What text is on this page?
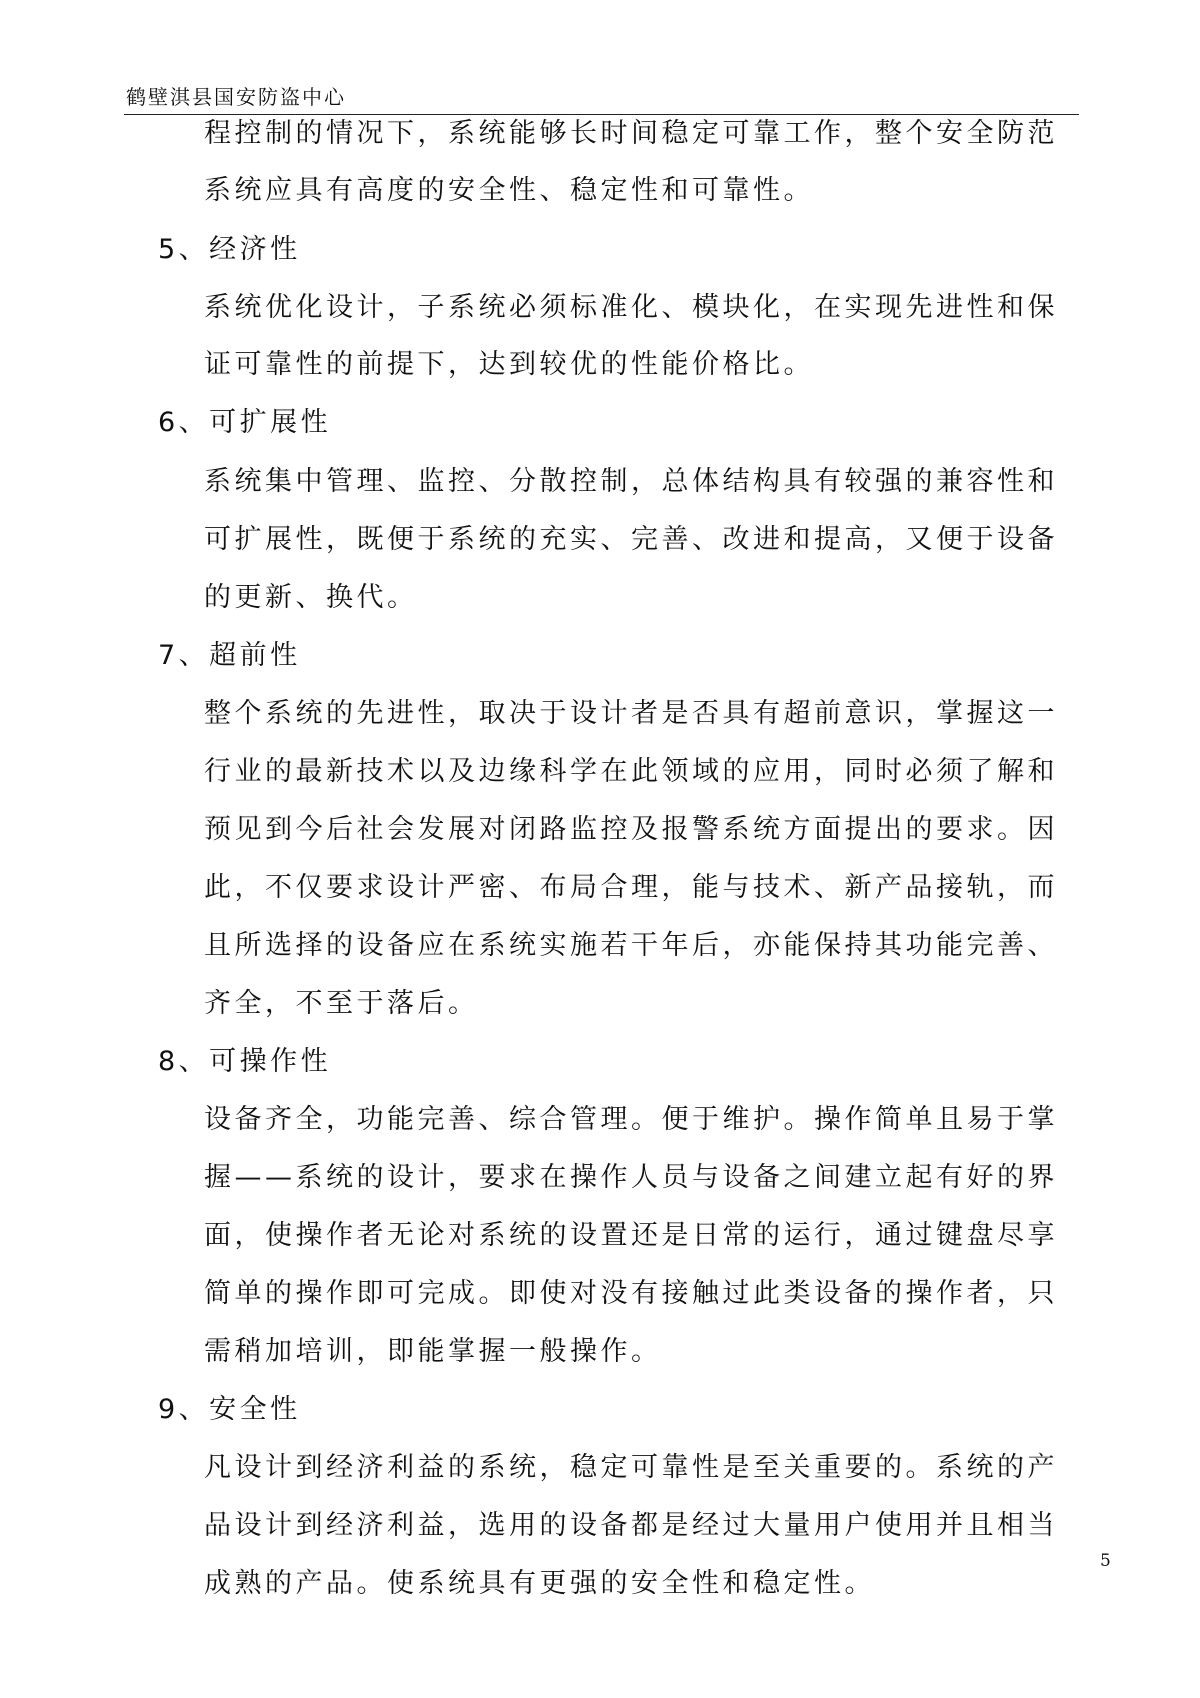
鹤壁淇县国安防盗中心
程控制的情况下，系统能够长时间稳定可靠工作，整个安全防范
系统应具有高度的安全性、稳定性和可靠性。
5、经济性
系统优化设计，子系统必须标准化、模块化，在实现先进性和保
证可靠性的前提下，达到较优的性能价格比。
6、可扩展性
系统集中管理、监控、分散控制，总体结构具有较强的兼容性和
可扩展性，既便于系统的充实、完善、改进和提高，又便于设备
的更新、换代。
7、超前性
整个系统的先进性，取决于设计者是否具有超前意识，掌握这一
行业的最新技术以及边缘科学在此领域的应用，同时必须了解和
预见到今后社会发展对闭路监控及报警系统方面提出的要求。因
此，不仅要求设计严密、布局合理，能与技术、新产品接轨，而
且所选择的设备应在系统实施若干年后，亦能保持其功能完善、
齐全，不至于落后。
8、可操作性
设备齐全，功能完善、综合管理。便于维护。操作简单且易于掌
握——系统的设计，要求在操作人员与设备之间建立起有好的界
面，使操作者无论对系统的设置还是日常的运行，通过键盘尽享
简单的操作即可完成。即使对没有接触过此类设备的操作者，只
需稍加培训，即能掌握一般操作。
9、安全性
凡设计到经济利益的系统，稳定可靠性是至关重要的。系统的产
品设计到经济利益，选用的设备都是经过大量用户使用并且相当
成熟的产品。使系统具有更强的安全性和稳定性。
5
